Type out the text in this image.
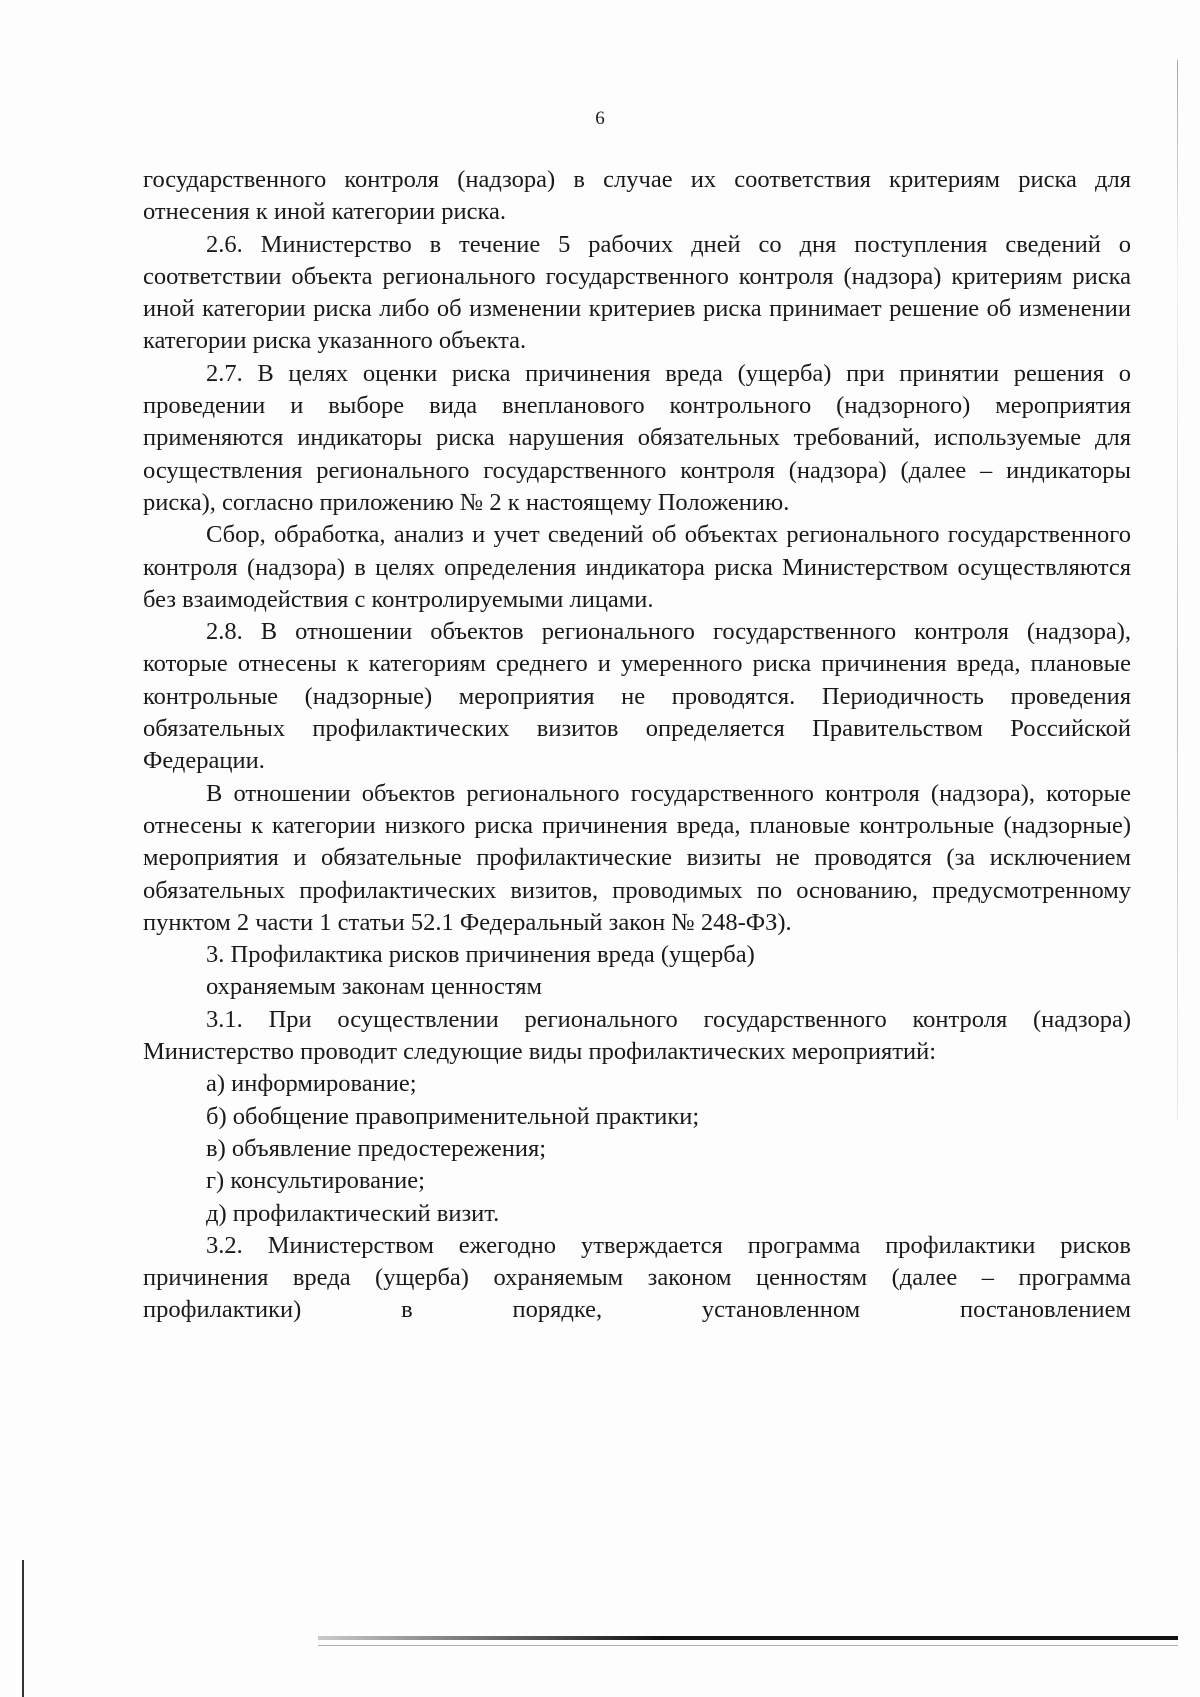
6

государственного контроля (надзора) в случае их соответствия критериям риска для отнесения к иной категории риска.

2.6. Министерство в течение 5 рабочих дней со дня поступления сведений о соответствии объекта регионального государственного контроля (надзора) критериям риска иной категории риска либо об изменении критериев риска принимает решение об изменении категории риска указанного объекта.

2.7. В целях оценки риска причинения вреда (ущерба) при принятии решения о проведении и выборе вида внепланового контрольного (надзорного) мероприятия применяются индикаторы риска нарушения обязательных требований, используемые для осуществления регионального государственного контроля (надзора) (далее – индикаторы риска), согласно приложению № 2 к настоящему Положению.

Сбор, обработка, анализ и учет сведений об объектах регионального государственного контроля (надзора) в целях определения индикатора риска Министерством осуществляются без взаимодействия с контролируемыми лицами.

2.8. В отношении объектов регионального государственного контроля (надзора), которые отнесены к категориям среднего и умеренного риска причинения вреда, плановые контрольные (надзорные) мероприятия не проводятся. Периодичность проведения обязательных профилактических визитов определяется Правительством Российской Федерации.

В отношении объектов регионального государственного контроля (надзора), которые отнесены к категории низкого риска причинения вреда, плановые контрольные (надзорные) мероприятия и обязательные профилактические визиты не проводятся (за исключением обязательных профилактических визитов, проводимых по основанию, предусмотренному пунктом 2 части 1 статьи 52.1 Федеральный закон № 248-ФЗ).

3. Профилактика рисков причинения вреда (ущерба)
охраняемым законам ценностям

3.1. При осуществлении регионального государственного контроля (надзора) Министерство проводит следующие виды профилактических мероприятий:

а) информирование;

б) обобщение правоприменительной практики;

в) объявление предостережения;

г) консультирование;

д) профилактический визит.

3.2. Министерством ежегодно утверждается программа профилактики рисков причинения вреда (ущерба) охраняемым законом ценностям (далее – программа профилактики) в порядке, установленном постановлением
